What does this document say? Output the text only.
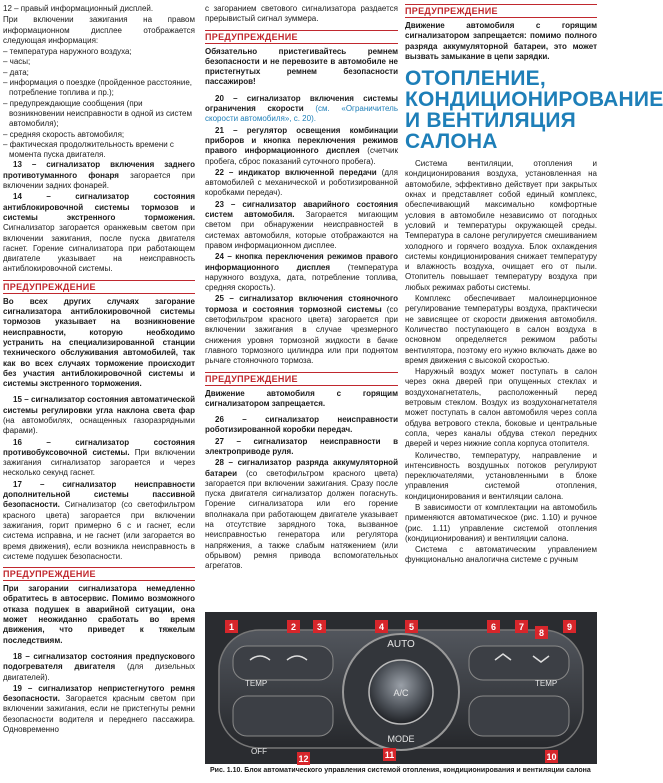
12 – правый информационный дисплей.

При включении зажигания на правом информационном дисплее отображается следующая информация:

– температура наружного воздуха;

– часы;

– дата;

– информация о поездке (пройденное расстояние, потребление топлива и пр.);

– предупреждающие сообщения (при возникновении неисправности в одной из систем автомобиля);

– средняя скорость автомобиля;

– фактическая продолжительность времени с момента пуска двигателя.

13 – сигнализатор включения заднего противотуманного фонаря загорается при включении задних фонарей.

14 – сигнализатор состояния антиблокировочной системы тормозов и системы экстренного торможения. Сигнализатор загорается оранжевым светом при включении зажигания, после пуска двигателя гаснет. Горение сигнализатора при работающем двигателе указывает на неисправность антиблокировочной системы.

ПРЕДУПРЕЖДЕНИЕ
Во всех других случаях загорание сигнализатора антиблокировочной системы тормозов указывает на возникновение неисправности, которую необходимо устранить на специализированной станции технического обслуживания автомобилей, так как во всех случаях торможение происходит без участия антиблокировочной системы и системы экстренного торможения.

15 – сигнализатор состояния автоматической системы регулировки угла наклона света фар (на автомобилях, оснащенных газоразрядными фарами).

16 – сигнализатор состояния противобуксовочной системы. При включении зажигания сигнализатор загорается и через несколько секунд гаснет.

17 – сигнализатор неисправности дополнительной системы пассивной безопасности. Сигнализатор (со светофильтром красного цвета) загорается при включении зажигания, горит примерно 6 с и гаснет, если система исправна, и не гаснет (или загорается во время движения), если возникла неисправность в системе подушек безопасности.

ПРЕДУПРЕЖДЕНИЕ
При загорании сигнализатора немедленно обратитесь в автосервис. Помимо возможного отказа подушек в аварийной ситуации, она может неожиданно сработать во время движения, что приведет к тяжелым последствиям.

18 – сигнализатор состояния предпускового подогревателя двигателя (для дизельных двигателей).

19 – сигнализатор непристегнутого ремня безопасности. Загорается красным светом при включении зажигания, если не пристегнуты ремни безопасности водителя и переднего пассажира. Одновременно

с загоранием светового сигнализатора раздается прерывистый сигнал зуммера.

ПРЕДУПРЕЖДЕНИЕ
Обязательно пристегивайтесь ремнем безопасности и не перевозите в автомобиле не пристегнутых ремнем безопасности пассажиров!

20 – сигнализатор включения системы ограничения скорости (см. «Ограничитель скорости автомобиля», с. 20).

21 – регулятор освещения комбинации приборов и кнопка переключения режимов правого информационного дисплея (счетчик пробега, сброс показаний суточного пробега).

22 – индикатор включенной передачи (для автомобилей с механической и роботизированной коробками передач).

23 – сигнализатор аварийного состояния систем автомобиля. Загорается мигающим светом при обнаружении неисправностей в системах автомобиля, которые отображаются на правом информационном дисплее.

24 – кнопка переключения режимов правого информационного дисплея (температура наружного воздуха, дата, потребление топлива, средняя скорость).

25 – сигнализатор включения стояночного тормоза и состояния тормозной системы (со светофильтром красного цвета) загорается при включении зажигания в случае чрезмерного снижения уровня тормозной жидкости в бачке главного тормозного цилиндра или при поднятом рычаге стояночного тормоза.

ПРЕДУПРЕЖДЕНИЕ
Движение автомобиля с горящим сигнализатором запрещается.

26 – сигнализатор неисправности роботизированной коробки передач.

27 – сигнализатор неисправности в электроприводе руля.

28 – сигнализатор разряда аккумуляторной батареи (со светофильтром красного цвета) загорается при включении зажигания. Сразу после пуска двигателя сигнализатор должен погаснуть. Горение сигнализатора или его горение вполнакала при работающем двигателе указывает на отсутствие зарядного тока, вызванное неисправностью генератора или регулятора напряжения, а также слабым натяжением (или обрывом) ремня привода вспомогательных агрегатов.

ПРЕДУПРЕЖДЕНИЕ
Движение автомобиля с горящим сигнализатором запрещается: помимо полного разряда аккумуляторной батареи, это может вызвать замыкание в цепи зарядки.
ОТОПЛЕНИЕ, КОНДИЦИОНИРОВАНИЕ И ВЕНТИЛЯЦИЯ САЛОНА

Система вентиляции, отопления и кондиционирования воздуха, установленная на автомобиле, эффективно действует при закрытых окнах и представляет собой единый комплекс, обеспечивающий максимально комфортные условия в автомобиле независимо от погодных условий и температуры окружающей среды. Температура в салоне регулируется смешиванием холодного и горячего воздуха. Блок охлаждения системы кондиционирования снижает температуру и влажность воздуха, очищает его от пыли. Отопитель повышает температуру воздуха при любых режимах работы системы.

Комплекс обеспечивает малоинерционное регулирование температуры воздуха, практически не зависящее от скорости движения автомобиля. Количество поступающего в салон воздуха в основном определяется режимом работы вентилятора, поэтому его нужно включать даже во время движения с высокой скоростью.

Наружный воздух может поступать в салон через окна дверей при опущенных стеклах и воздухонагнетатель, расположенный перед ветровым стеклом. Воздух из воздухонагнетателя может поступать в салон автомобиля через сопла обдува ветрового стекла, боковые и центральные сопла, через каналы обдува стекол передних дверей и через нижние сопла корпуса отопителя.

Количество, температуру, направление и интенсивность воздушных потоков регулируют переключателями, установленными в блоке управления системой отопления, кондиционирования и вентиляции салона.

В зависимости от комплектации на автомобиль применяются автоматическое (рис. 1.10) и ручное (рис. 1.11) управление системой отопления (кондиционирования) и вентиляции салона.

Система с автоматическим управлением функционально аналогична системе с ручным

AUTO
A/C
MODE
TEMP	TEMP
OFF
1	2 3	4	5	6	7
8
9
10
11
12
Рис. 1.10. Блок автоматического управления системой отопления, кондиционирования и вентиляции салона
